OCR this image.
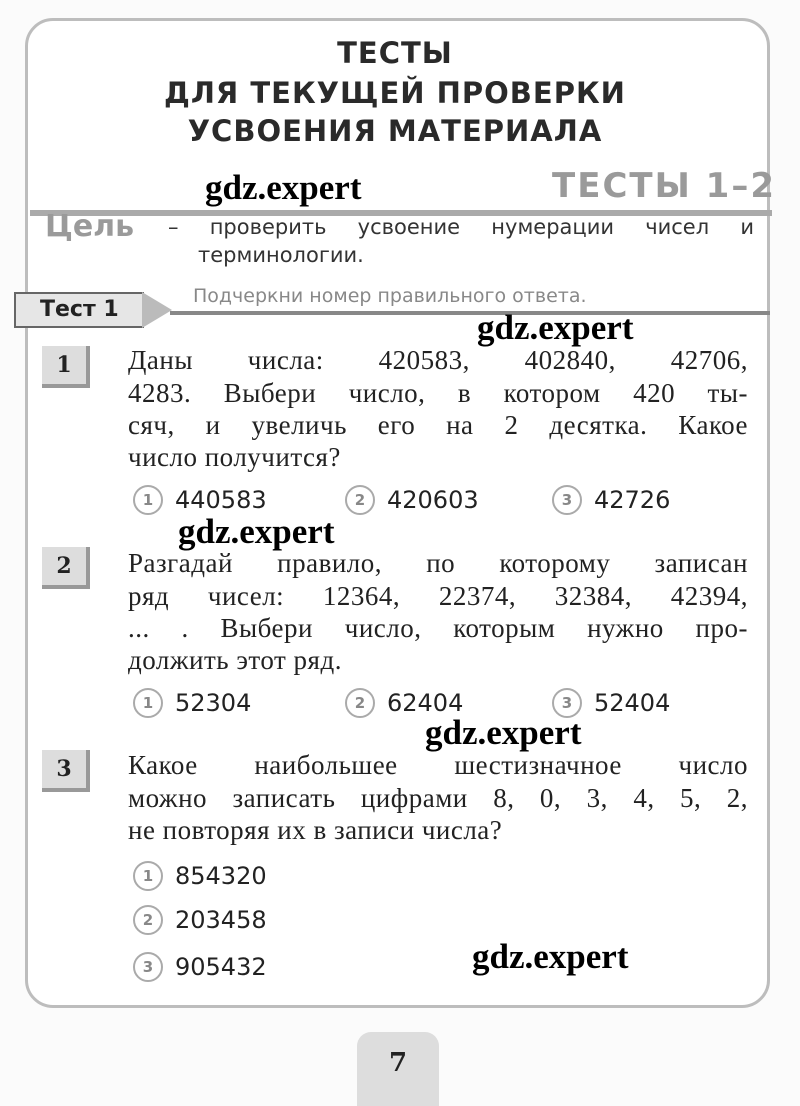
ТЕСТЫ
ДЛЯ ТЕКУЩЕЙ ПРОВЕРКИ
УСВОЕНИЯ МАТЕРИАЛА
ТЕСТЫ 1–2
Цель – проверить усвоение нумерации чисел и
терминологии.
Тест 1
Подчеркни номер правильного ответа.
1	Даны числа: 420583, 402840, 42706,
4283. Выбери число, в котором 420 ты-
сяч, и увеличь его на 2 десятка. Какое
число получится?
1 440583	2 420603	3 42726
2	Разгадай правило, по которому записан
ряд чисел: 12364, 22374, 32384, 42394,
... . Выбери число, которым нужно про-
должить этот ряд.
1 52304	2 62404	3 52404
3	Какое наибольшее шестизначное число
можно записать цифрами 8, 0, 3, 4, 5, 2,
не повторяя их в записи числа?
1 854320
2 203458
3 905432
gdz.expert
gdz.expert
gdz.expert
gdz.expert
gdz.expert
7
